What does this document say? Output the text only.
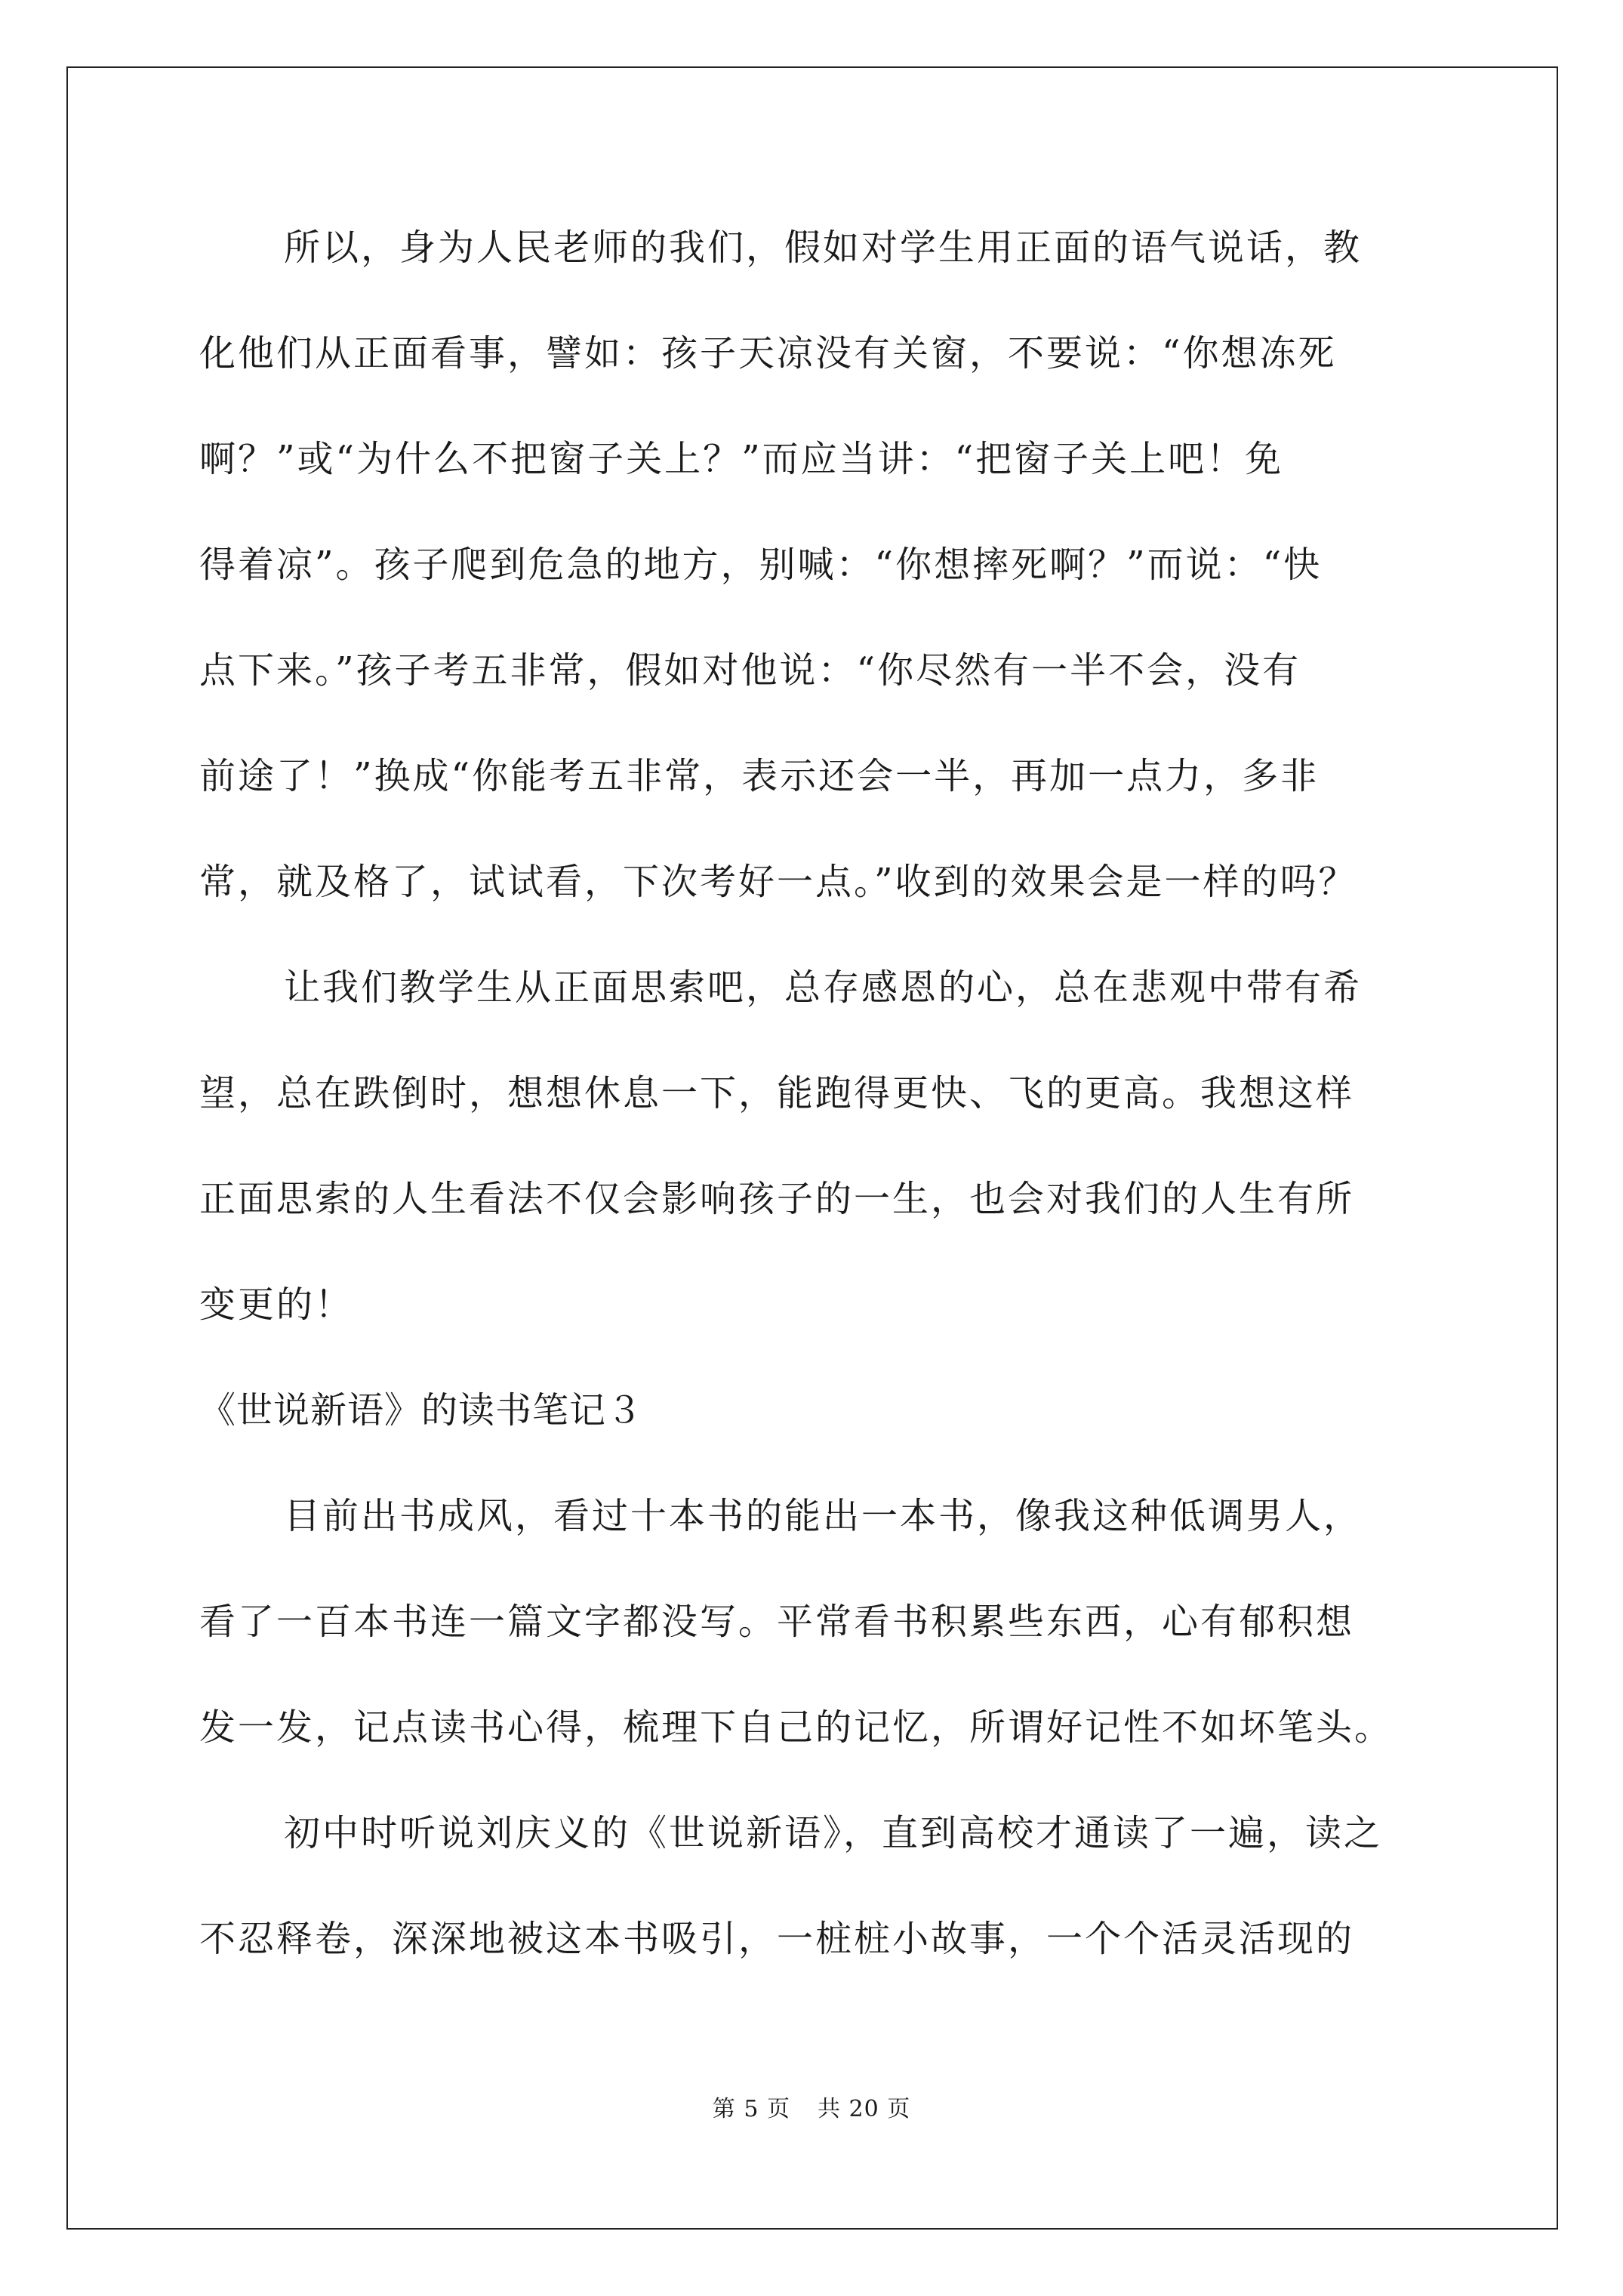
所以，身为人民老师的我们，假如对学生用正面的语气说话，教
化他们从正面看事，譬如：孩子天凉没有关窗，不要说：“你想冻死
啊？”或“为什么不把窗子关上？”而应当讲：“把窗子关上吧！免
得着凉”。孩子爬到危急的地方，别喊：“你想摔死啊？”而说：“快
点下来。”孩子考五非常，假如对他说：“你尽然有一半不会，没有
前途了！”换成“你能考五非常，表示还会一半，再加一点力，多非
常，就及格了，试试看，下次考好一点。”收到的效果会是一样的吗？
让我们教学生从正面思索吧，总存感恩的心，总在悲观中带有希
望，总在跌倒时，想想休息一下，能跑得更快、飞的更高。我想这样
正面思索的人生看法不仅会影响孩子的一生，也会对我们的人生有所
变更的！
《世说新语》的读书笔记３
目前出书成风，看过十本书的能出一本书，像我这种低调男人，
看了一百本书连一篇文字都没写。平常看书积累些东西，心有郁积想
发一发，记点读书心得，梳理下自己的记忆，所谓好记性不如坏笔头。
初中时听说刘庆义的《世说新语》，直到高校才通读了一遍，读之
不忍释卷，深深地被这本书吸引，一桩桩小故事，一个个活灵活现的
第 5 页 共 20 页
